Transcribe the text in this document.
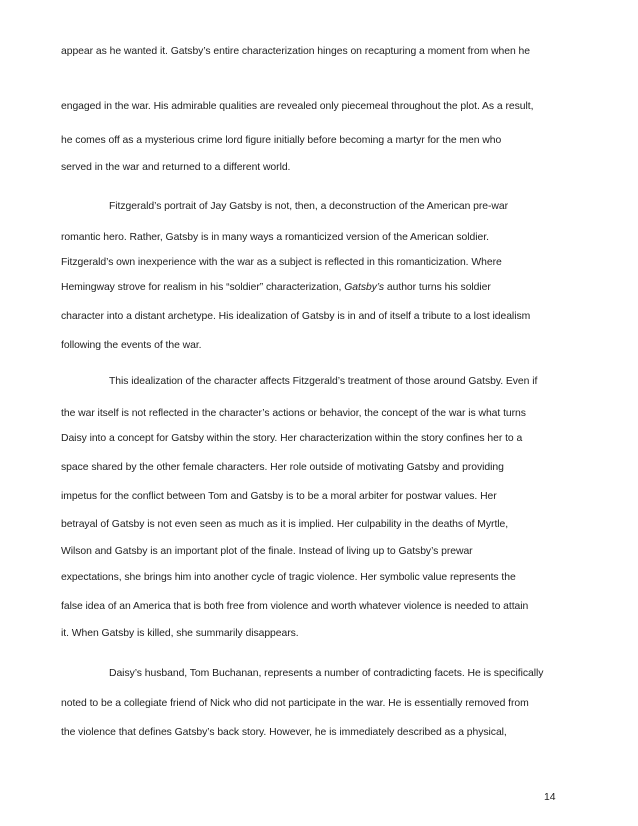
appear as he wanted it. Gatsby’s entire characterization hinges on recapturing a moment from when he

engaged in the war. His admirable qualities are revealed only piecemeal throughout the plot. As a result,

he comes off as a mysterious crime lord figure initially before becoming a martyr for the men who

served in the war and returned to a different world.

Fitzgerald’s portrait of Jay Gatsby is not, then, a deconstruction of the American pre-war

romantic hero. Rather, Gatsby is in many ways a romanticized version of the American soldier.

Fitzgerald’s own inexperience with the war as a subject is reflected in this romanticization. Where

Hemingway strove for realism in his “soldier” characterization, Gatsby’s author turns his soldier

character into a distant archetype. His idealization of Gatsby is in and of itself a tribute to a lost idealism

following the events of the war.

This idealization of the character affects Fitzgerald’s treatment of those around Gatsby. Even if

the war itself is not reflected in the character’s actions or behavior, the concept of the war is what turns

Daisy into a concept for Gatsby within the story. Her characterization within the story confines her to a

space shared by the other female characters. Her role outside of motivating Gatsby and providing

impetus for the conflict between Tom and Gatsby is to be a moral arbiter for postwar values. Her

betrayal of Gatsby is not even seen as much as it is implied. Her culpability in the deaths of Myrtle,

Wilson and Gatsby is an important plot of the finale. Instead of living up to Gatsby’s prewar

expectations, she brings him into another cycle of tragic violence. Her symbolic value represents the

false idea of an America that is both free from violence and worth whatever violence is needed to attain

it. When Gatsby is killed, she summarily disappears.

Daisy’s husband, Tom Buchanan, represents a number of contradicting facets. He is specifically

noted to be a collegiate friend of Nick who did not participate in the war. He is essentially removed from

the violence that defines Gatsby’s back story. However, he is immediately described as a physical,

14
